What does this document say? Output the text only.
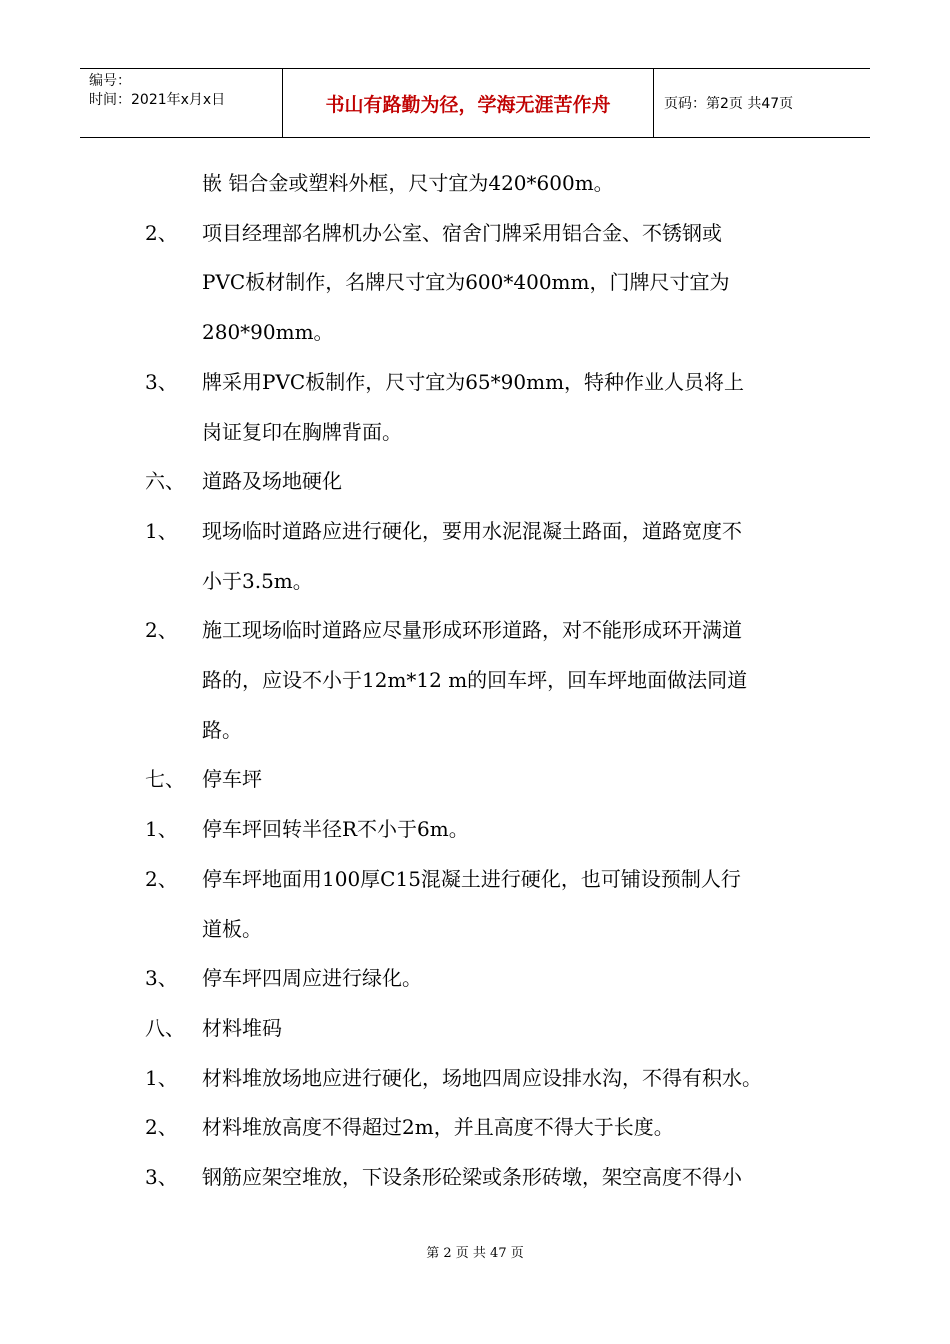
编号：
时间：2021年x月x日	书山有路勤为径，学海无涯苦作舟	页码：第2页 共47页
嵌 铝合金或塑料外框，尺寸宜为420*600m。
2、 项目经理部名牌机办公室、宿舍门牌采用铝合金、不锈钢或
PVC板材制作，名牌尺寸宜为600*400mm，门牌尺寸宜为
280*90mm。
3、 牌采用PVC板制作，尺寸宜为65*90mm，特种作业人员将上
岗证复印在胸牌背面。
六、 道路及场地硬化
1、 现场临时道路应进行硬化，要用水泥混凝土路面，道路宽度不
小于3.5m。
2、 施工现场临时道路应尽量形成环形道路，对不能形成环开满道
路的，应设不小于12m*12 m的回车坪，回车坪地面做法同道
路。
七、 停车坪
1、 停车坪回转半径R不小于6m。
2、 停车坪地面用100厚C15混凝土进行硬化，也可铺设预制人行
道板。
3、 停车坪四周应进行绿化。
八、 材料堆码
1、 材料堆放场地应进行硬化，场地四周应设排水沟，不得有积水。
2、 材料堆放高度不得超过2m，并且高度不得大于长度。
3、 钢筋应架空堆放，下设条形砼梁或条形砖墩，架空高度不得小
第 2 页 共 47 页
